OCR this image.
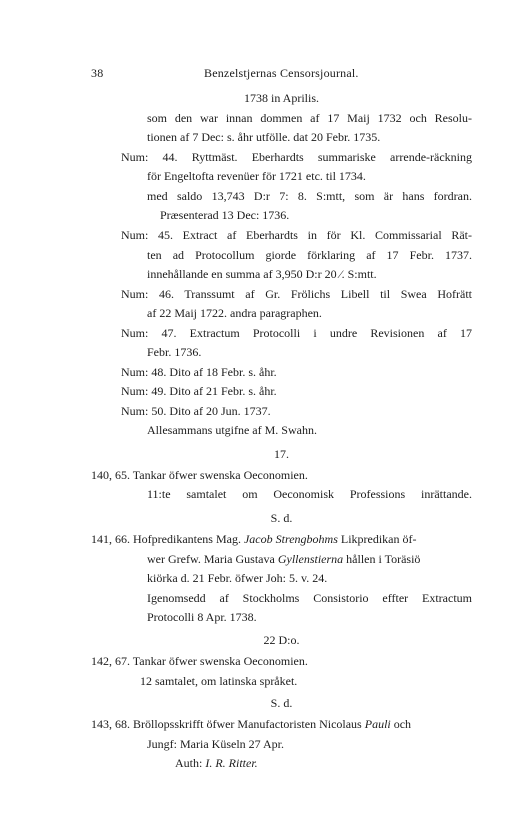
38	Benzelstjernas Censorsjournal.
1738 in Aprilis.
som den war innan dommen af 17 Maij 1732 och Resolu-
tionen af 7 Dec: s. åhr utfölle. dat 20 Febr. 1735.
Num: 44. Ryttmäst. Eberhardts summariske arrende-räckning
för Engeltofta revenüer för 1721 etc. til 1734.
med saldo 13,743 D:r 7: 8. S:mtt, som är hans fordran.
Præsenterad 13 Dec: 1736.
Num: 45. Extract af Eberhardts in för Kl. Commissarial Rät-
ten ad Protocollum giorde förklaring af 17 Febr. 1737.
innehållande en summa af 3,950 D:r 20 ⁄. S:mtt.
Num: 46. Transsumt af Gr. Frölichs Libell til Swea Hofrätt
af 22 Maij 1722. andra paragraphen.
Num: 47. Extractum Protocolli i undre Revisionen af 17
Febr. 1736.
Num: 48. Dito af 18 Febr. s. åhr.
Num: 49. Dito af 21 Febr. s. åhr.
Num: 50. Dito af 20 Jun. 1737.
Allesammans utgifne af M. Swahn.
17.
140, 65. Tankar öfwer swenska Oeconomien.
11:te samtalet om Oeconomisk Professions inrättande.
S. d.
141, 66. Hofpredikantens Mag. Jacob Strengbohms Likpredikan öf-
wer Grefw. Maria Gustava Gyllenstierna hållen i Toräsiö
kiörka d. 21 Febr. öfwer Joh: 5. v. 24.
Igenomsedd af Stockholms Consistorio effter Extractum
Protocolli 8 Apr. 1738.
22 D:o.
142, 67. Tankar öfwer swenska Oeconomien.
12 samtalet, om latinska språket.
S. d.
143, 68. Bröllopsskrifft öfwer Manufactoristen Nicolaus Pauli och
Jungf: Maria Küseln 27 Apr.
Auth: I. R. Ritter.
